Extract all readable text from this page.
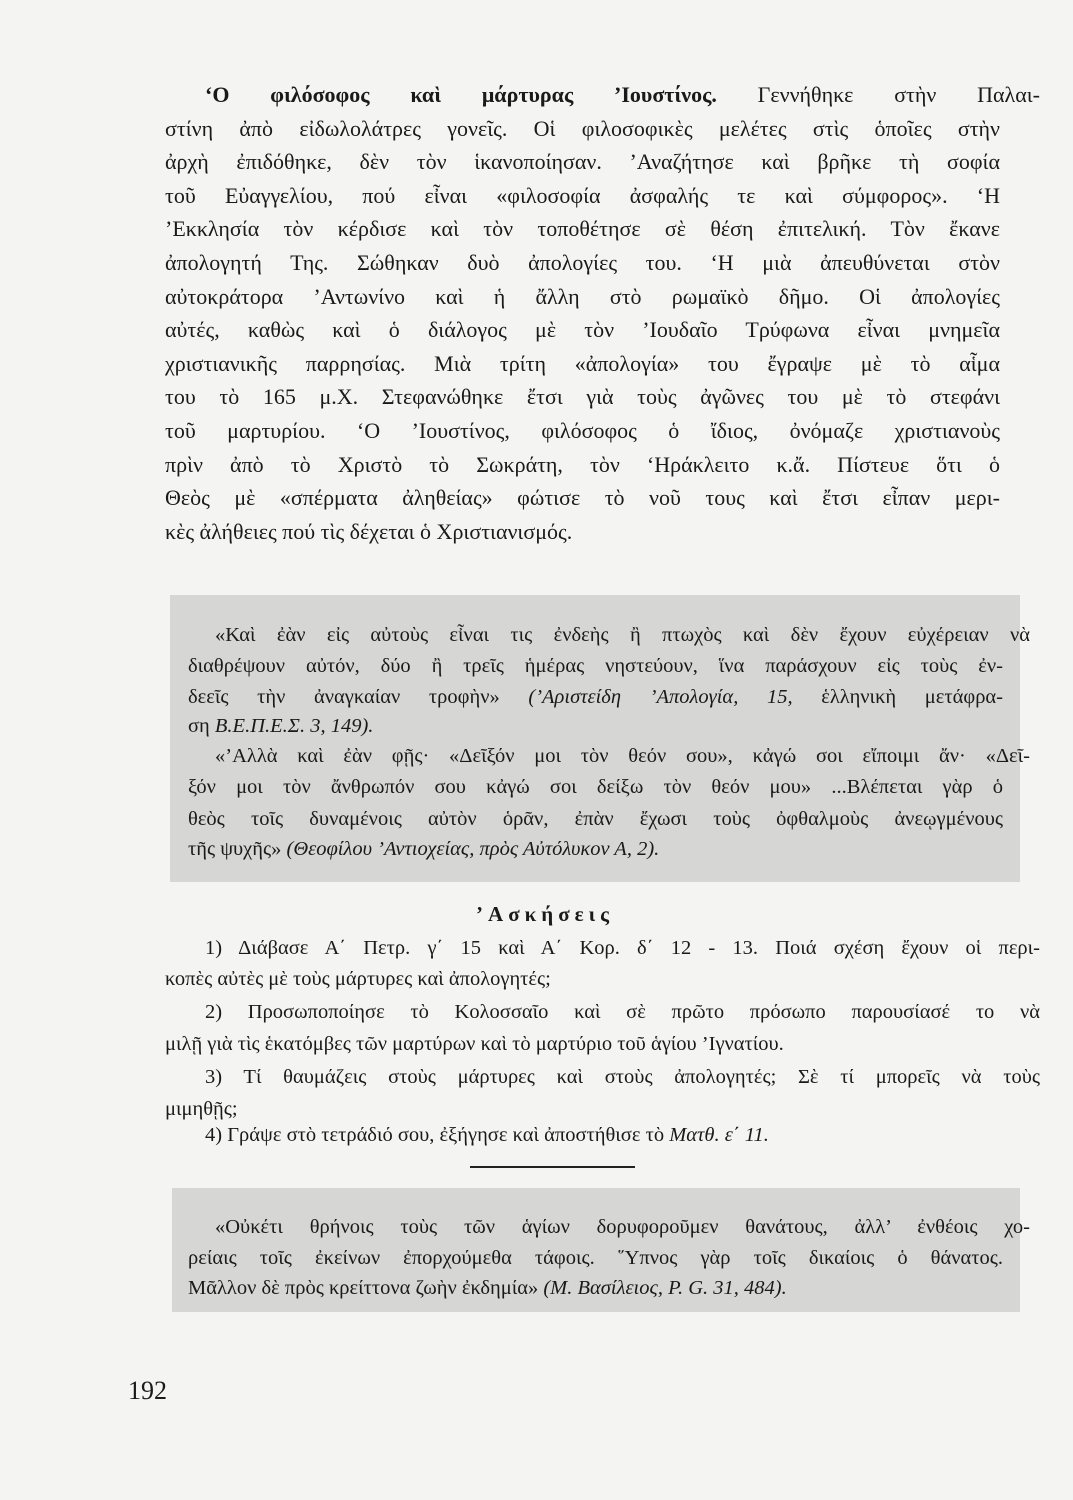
‘Ο φιλόσοφος καὶ μάρτυρας ’Ιουστίνος. Γεννήθηκε στὴν Παλαι-
στίνη ἀπὸ εἰδωλολάτρες γονεῖς. Οἱ φιλοσοφικὲς μελέτες στὶς ὁποῖες στὴν
ἀρχὴ ἐπιδόθηκε, δὲν τὸν ἱκανοποίησαν. ’Αναζήτησε καὶ βρῆκε τὴ σοφία
τοῦ Εὐαγγελίου, πού εἶναι «φιλοσοφία ἀσφαλής τε καὶ σύμφορος». ‘Η
’Εκκλησία τὸν κέρδισε καὶ τὸν τοποθέτησε σὲ θέση ἐπιτελική. Τὸν ἔκανε
ἀπολογητή Της. Σώθηκαν δυὸ ἀπολογίες του. ‘Η μιὰ ἀπευθύνεται στὸν
αὐτοκράτορα ’Αντωνίνο καὶ ἡ ἄλλη στὸ ρωμαϊκὸ δῆμο. Οἱ ἀπολογίες
αὐτές, καθὼς καὶ ὁ διάλογος μὲ τὸν ’Ιουδαῖο Τρύφωνα εἶναι μνημεῖα
χριστιανικῆς παρρησίας. Μιὰ τρίτη «ἀπολογία» του ἔγραψε μὲ τὸ αἷμα
του τὸ 165 μ.Χ. Στεφανώθηκε ἔτσι γιὰ τοὺς ἀγῶνες του μὲ τὸ στεφάνι
τοῦ μαρτυρίου. ‘Ο ’Ιουστίνος, φιλόσοφος ὁ ἴδιος, ὀνόμαζε χριστιανοὺς
πρὶν ἀπὸ τὸ Χριστὸ τὸ Σωκράτη, τὸν ‘Ηράκλειτο κ.ἄ. Πίστευε ὅτι ὁ
Θεὸς μὲ «σπέρματα ἀληθείας» φώτισε τὸ νοῦ τους καὶ ἔτσι εἶπαν μερι-
κὲς ἀλήθειες πού τὶς δέχεται ὁ Χριστιανισμός.
«Καὶ ἐὰν εἰς αὐτοὺς εἶναι τις ἐνδεὴς ἢ πτωχὸς καὶ δὲν ἔχουν εὐχέρειαν νὰ
διαθρέψουν αὐτόν, δύο ἢ τρεῖς ἡμέρας νηστεύουν, ἵνα παράσχουν εἰς τοὺς ἐν-
δεεῖς τὴν ἀναγκαίαν τροφὴν» (’Αριστείδη ’Απολογία, 15, ἑλληνικὴ μετάφρα-
ση Β.Ε.Π.Ε.Σ. 3, 149).
«’Αλλὰ καὶ ἐὰν φῇς· «Δεῖξόν μοι τὸν θεόν σου», κἀγώ σοι εἴποιμι ἄν· «Δεῖ-
ξόν μοι τὸν ἄνθρωπόν σου κἀγώ σοι δείξω τὸν θεόν μου» ...Βλέπεται γὰρ ὁ
θεὸς τοῖς δυναμένοις αὐτὸν ὁρᾶν, ἐπὰν ἔχωσι τοὺς ὀφθαλμοὺς ἀνεῳγμένους
τῆς ψυχῆς» (Θεοφίλου ’Αντιοχείας, πρὸς Αὐτόλυκον Α, 2).
’Ασκήσεις
1) Διάβασε Α΄ Πετρ. γ΄ 15 καὶ Α΄ Κορ. δ΄ 12 - 13. Ποιά σχέση ἔχουν οἱ περι-
κοπὲς αὐτὲς μὲ τοὺς μάρτυρες καὶ ἀπολογητές;
2) Προσωποποίησε τὸ Κολοσσαῖο καὶ σὲ πρῶτο πρόσωπο παρουσίασέ το νὰ
μιλῇ γιὰ τὶς ἑκατόμβες τῶν μαρτύρων καὶ τὸ μαρτύριο τοῦ ἁγίου ’Ιγνατίου.
3) Τί θαυμάζεις στοὺς μάρτυρες καὶ στοὺς ἀπολογητές; Σὲ τί μπορεῖς νὰ τοὺς
μιμηθῇς;
4) Γράψε στὸ τετράδιό σου, ἐξήγησε καὶ ἀποστήθισε τὸ Ματθ. ε΄ 11.
«Οὐκέτι θρήνοις τοὺς τῶν ἁγίων δορυφοροῦμεν θανάτους, ἀλλ’ ἐνθέοις χο-
ρείαις τοῖς ἐκείνων ἐπορχούμεθα τάφοις. ῞Υπνος γὰρ τοῖς δικαίοις ὁ θάνατος.
Μᾶλλον δὲ πρὸς κρείττονα ζωὴν ἐκδημία» (Μ. Βασίλειος, P. G. 31, 484).
192
